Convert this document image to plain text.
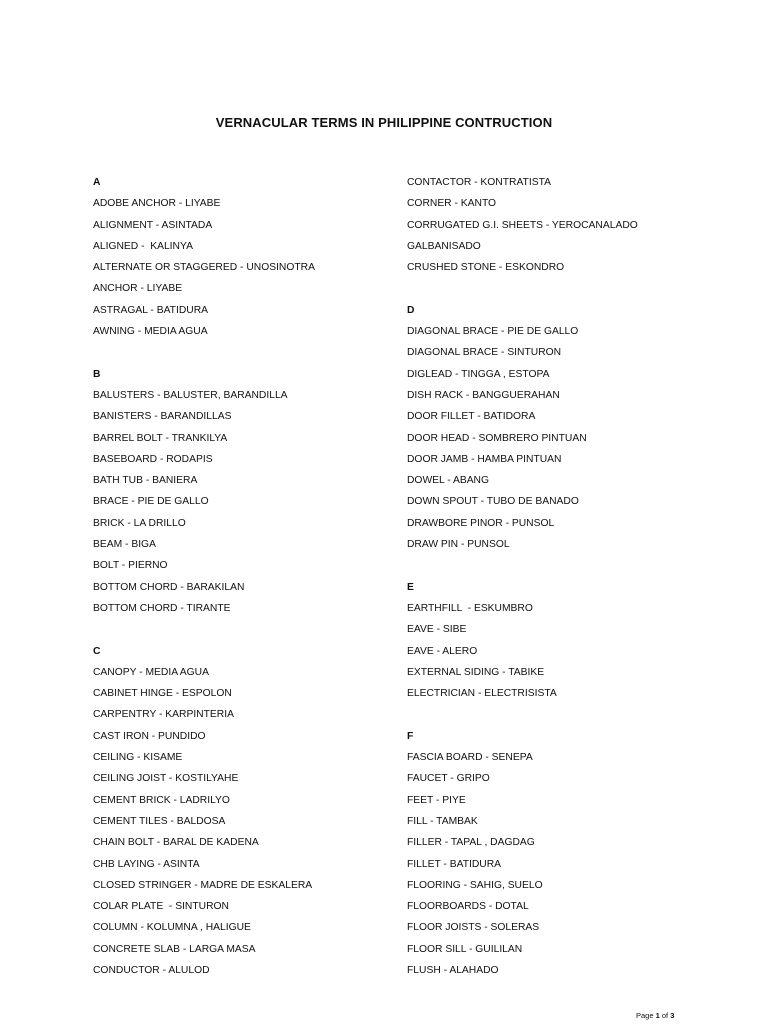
VERNACULAR TERMS IN PHILIPPINE CONTRUCTION
A
ADOBE ANCHOR - LIYABE
ALIGNMENT - ASINTADA
ALIGNED -  KALINYA
ALTERNATE OR STAGGERED - UNOSINOTRA
ANCHOR - LIYABE
ASTRAGAL - BATIDURA
AWNING - MEDIA AGUA
B
BALUSTERS - BALUSTER, BARANDILLA
BANISTERS - BARANDILLAS
BARREL BOLT - TRANKILYA
BASEBOARD - RODAPIS
BATH TUB - BANIERA
BRACE - PIE DE GALLO
BRICK - LA DRILLO
BEAM - BIGA
BOLT - PIERNO
BOTTOM CHORD - BARAKILAN
BOTTOM CHORD - TIRANTE
C
CANOPY - MEDIA AGUA
CABINET HINGE - ESPOLON
CARPENTRY - KARPINTERIA
CAST IRON - PUNDIDO
CEILING - KISAME
CEILING JOIST - KOSTILYAHE
CEMENT BRICK - LADRILYO
CEMENT TILES - BALDOSA
CHAIN BOLT - BARAL DE KADENA
CHB LAYING - ASINTA
CLOSED STRINGER - MADRE DE ESKALERA
COLAR PLATE  - SINTURON
COLUMN - KOLUMNA , HALIGUE
CONCRETE SLAB - LARGA MASA
CONDUCTOR - ALULOD
CONTACTOR - KONTRATISTA
CORNER - KANTO
CORRUGATED G.I. SHEETS - YEROCANALADO
GALBANISADO
CRUSHED STONE - ESKONDRO
D
DIAGONAL BRACE - PIE DE GALLO
DIAGONAL BRACE - SINTURON
DIGLEAD - TINGGA , ESTOPA
DISH RACK - BANGGUERAHAN
DOOR FILLET - BATIDORA
DOOR HEAD - SOMBRERO PINTUAN
DOOR JAMB - HAMBA PINTUAN
DOWEL - ABANG
DOWN SPOUT - TUBO DE BANADO
DRAWBORE PINOR - PUNSOL
DRAW PIN - PUNSOL
E
EARTHFILL  - ESKUMBRO
EAVE - SIBE
EAVE - ALERO
EXTERNAL SIDING - TABIKE
ELECTRICIAN - ELECTRISISTA
F
FASCIA BOARD - SENEPA
FAUCET - GRIPO
FEET - PIYE
FILL - TAMBAK
FILLER - TAPAL , DAGDAG
FILLET - BATIDURA
FLOORING - SAHIG, SUELO
FLOORBOARDS - DOTAL
FLOOR JOISTS - SOLERAS
FLOOR SILL - GUILILAN
FLUSH - ALAHADO
Page 1 of 3
